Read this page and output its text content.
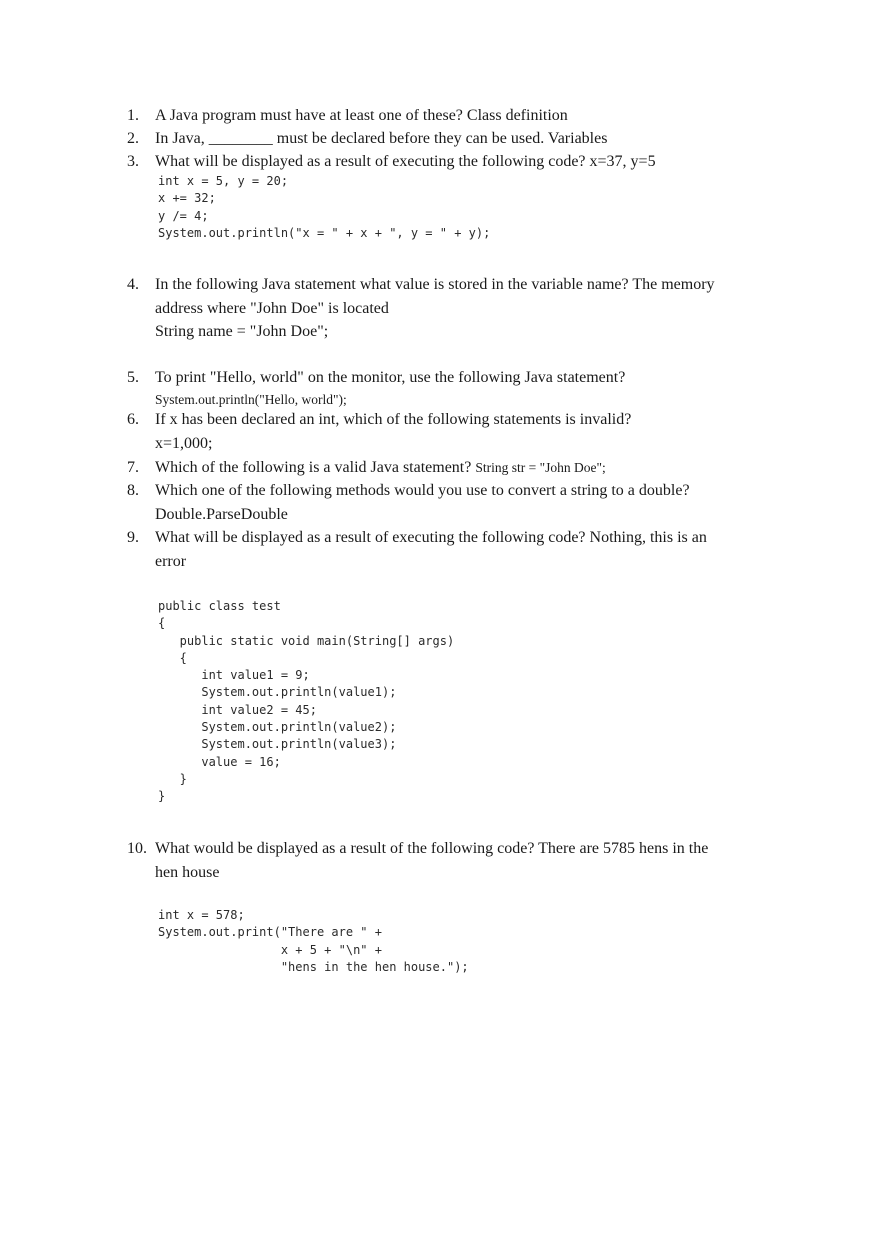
1. A Java program must have at least one of these? Class definition
2. In Java, ________ must be declared before they can be used. Variables
3. What will be displayed as a result of executing the following code? x=37, y=5
int x = 5, y = 20;
x += 32;
y /= 4;
System.out.println("x = " + x + ", y = " + y);
4. In the following Java statement what value is stored in the variable name? The memory address where "John Doe" is located
String name = "John Doe";
5. To print "Hello, world" on the monitor, use the following Java statement?
System.out.println("Hello, world");
6. If x has been declared an int, which of the following statements is invalid?
x=1,000;
7. Which of the following is a valid Java statement? String str = "John Doe";
8. Which one of the following methods would you use to convert a string to a double? Double.ParseDouble
9. What will be displayed as a result of executing the following code? Nothing, this is an error
public class test
{
public static void main(String[] args)
{
int value1 = 9;
System.out.println(value1);
int value2 = 45;
System.out.println(value2);
System.out.println(value3);
value = 16;
}
}
10. What would be displayed as a result of the following code? There are 5785 hens in the hen house
int x = 578;
System.out.print("There are " +
x + 5 + "\n" +
"hens in the hen house.");
